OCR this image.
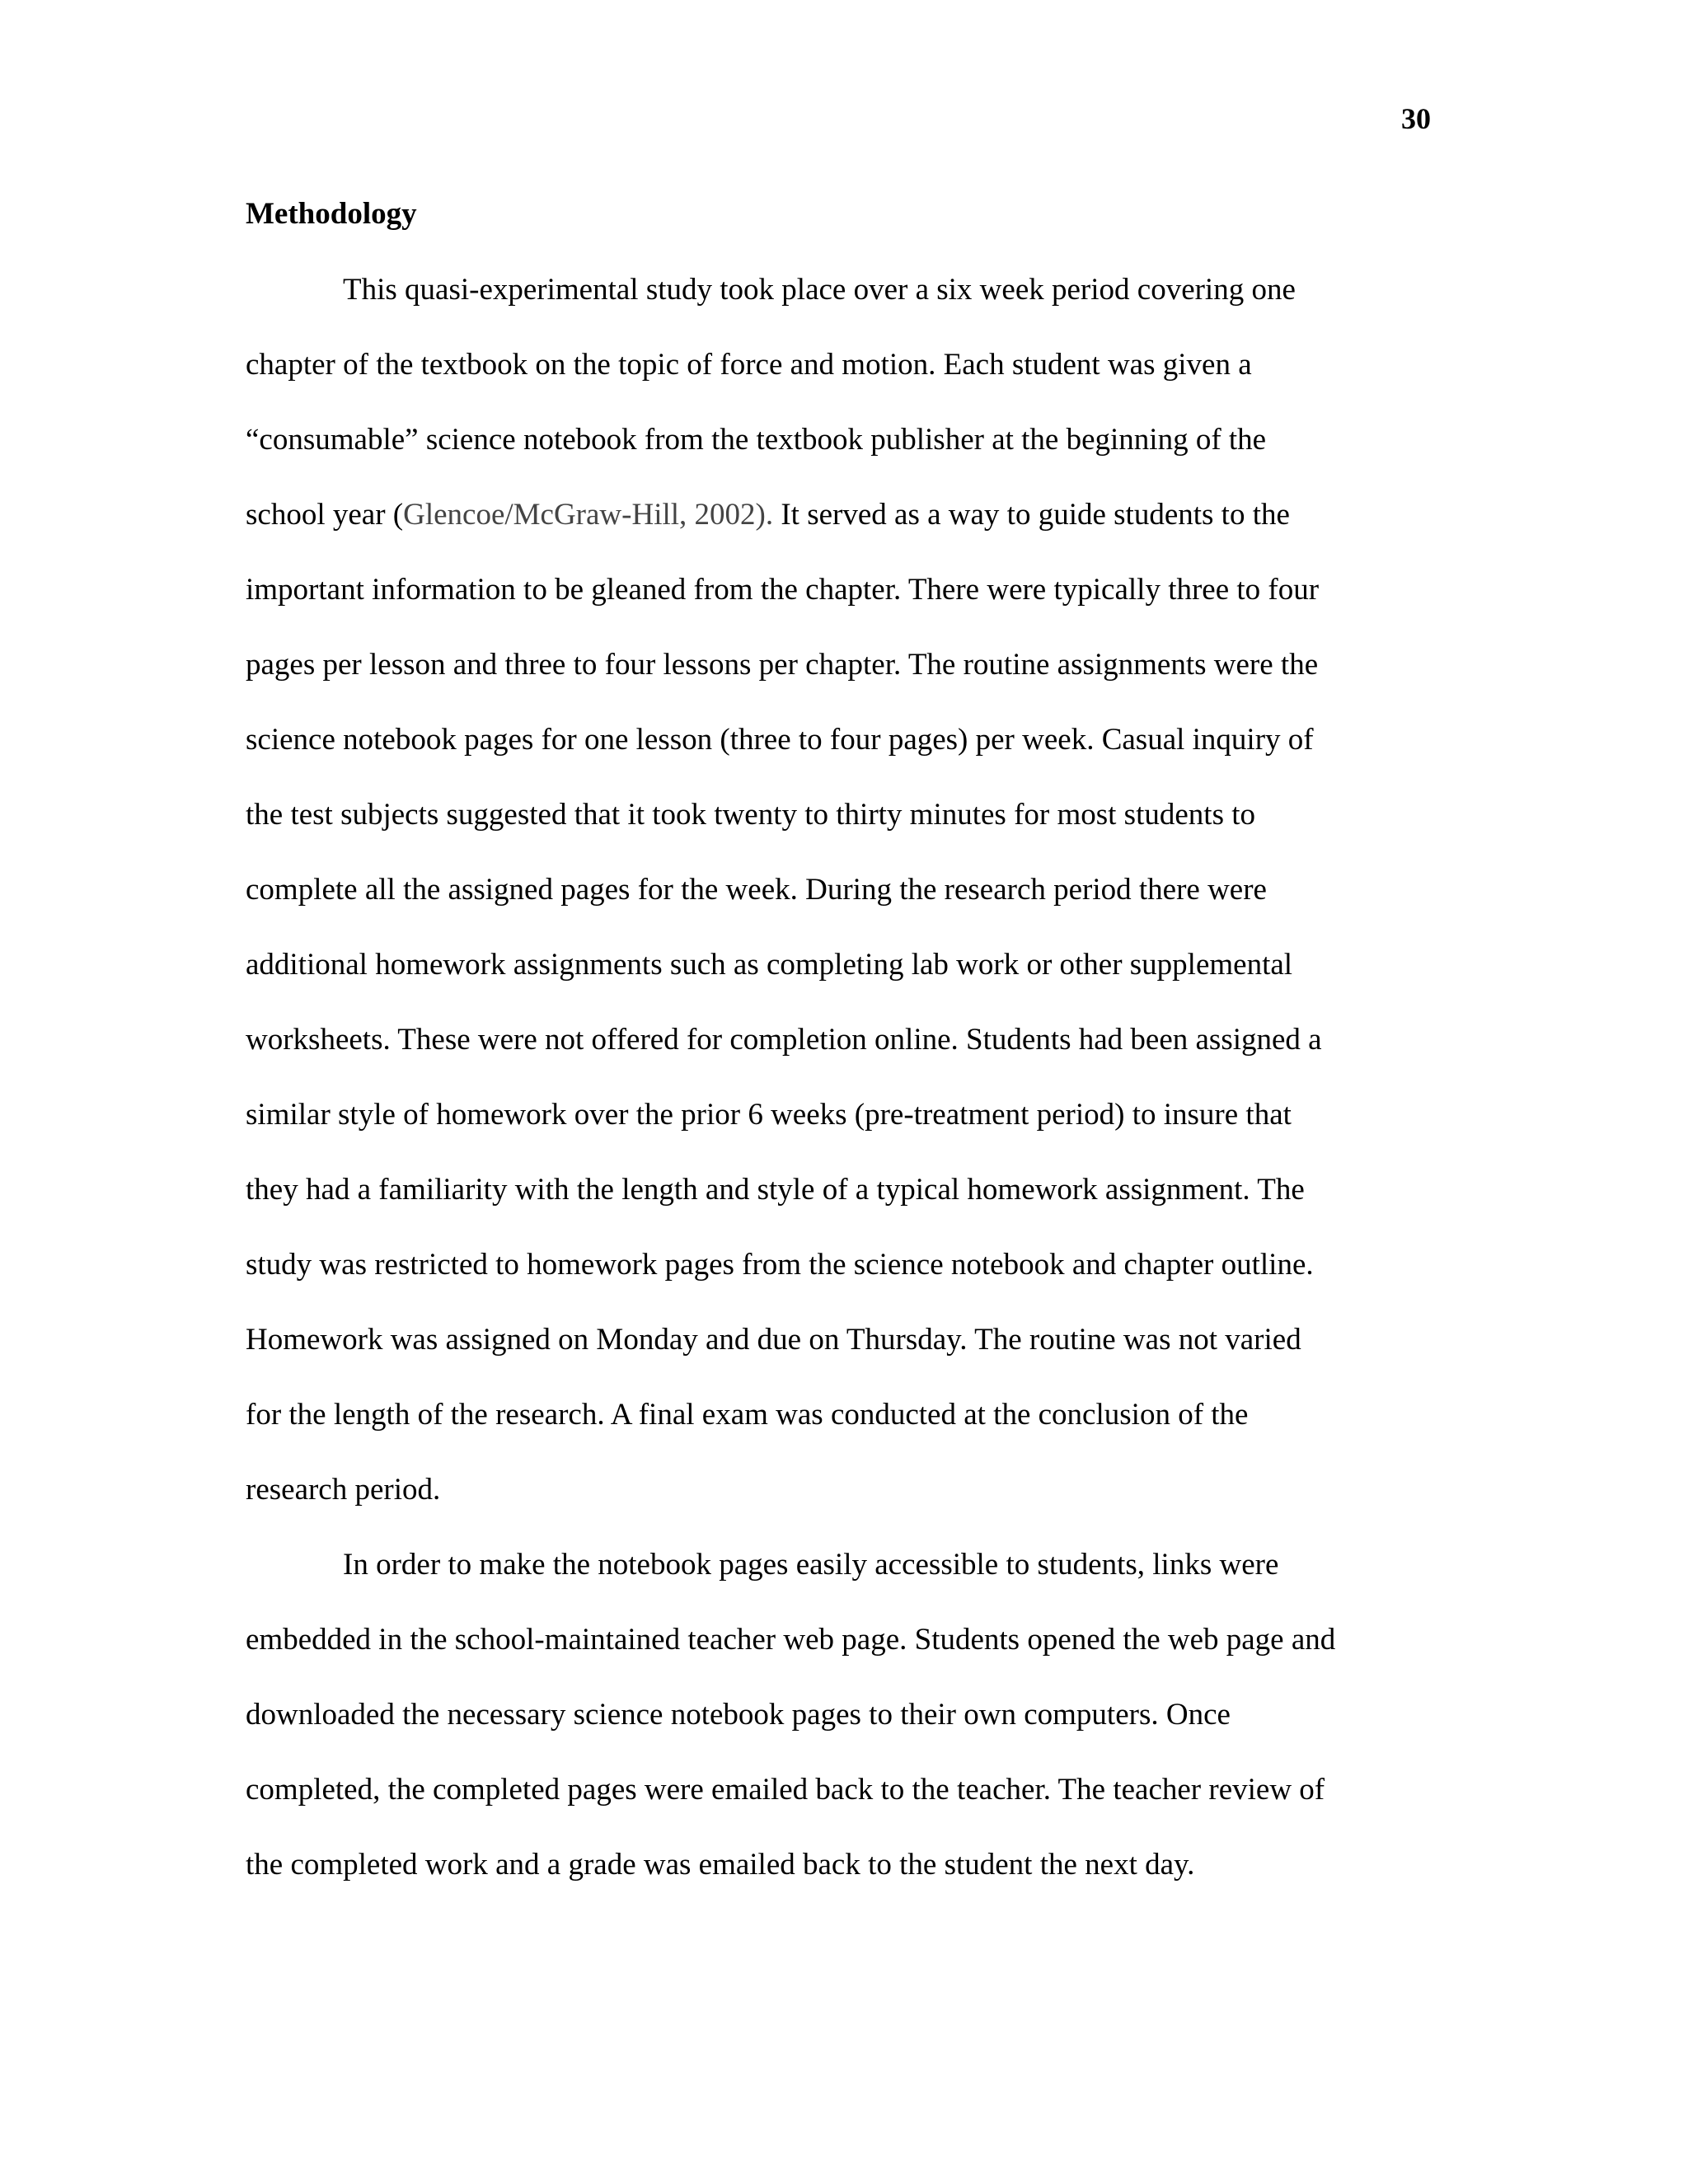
30
Methodology
This quasi-experimental study took place over a six week period covering one
chapter of the textbook on the topic of force and motion. Each student was given a
“consumable” science notebook from the textbook publisher at the beginning of the
school year (Glencoe/McGraw-Hill, 2002). It served as a way to guide students to the
important information to be gleaned from the chapter. There were typically three to four
pages per lesson and three to four lessons per chapter. The routine assignments were the
science notebook pages for one lesson (three to four pages) per week. Casual inquiry of
the test subjects suggested that it took twenty to thirty minutes for most students to
complete all the assigned pages for the week. During the research period there were
additional homework assignments such as completing lab work or other supplemental
worksheets. These were not offered for completion online. Students had been assigned a
similar style of homework over the prior 6 weeks (pre-treatment period) to insure that
they had a familiarity with the length and style of a typical homework assignment. The
study was restricted to homework pages from the science notebook and chapter outline.
Homework was assigned on Monday and due on Thursday. The routine was not varied
for the length of the research. A final exam was conducted at the conclusion of the
research period.
In order to make the notebook pages easily accessible to students, links were
embedded in the school-maintained teacher web page. Students opened the web page and
downloaded the necessary science notebook pages to their own computers. Once
completed, the completed pages were emailed back to the teacher. The teacher review of
the completed work and a grade was emailed back to the student the next day.
